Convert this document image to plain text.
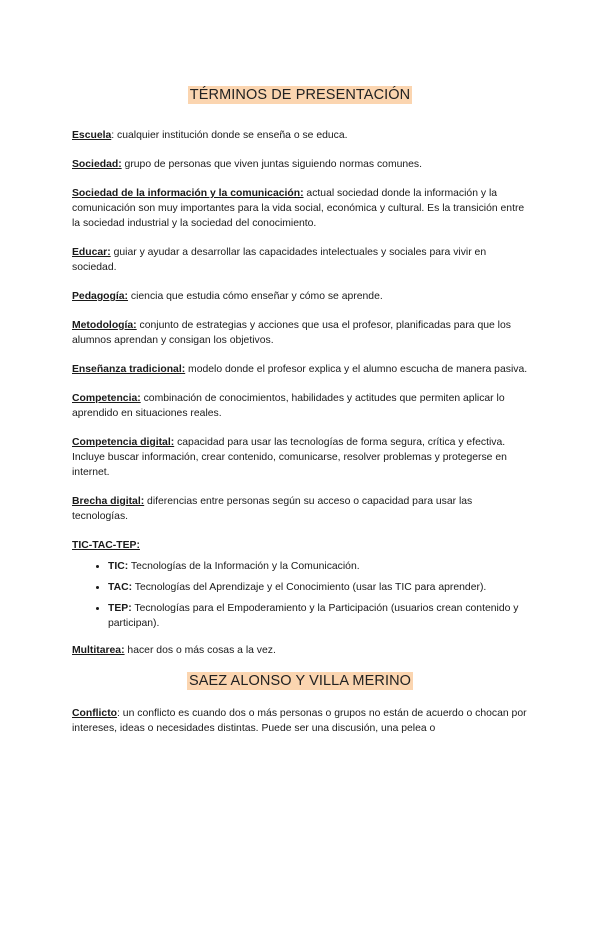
TÉRMINOS DE PRESENTACIÓN

Escuela: cualquier institución donde se enseña o se educa.

Sociedad: grupo de personas que viven juntas siguiendo normas comunes.

Sociedad de la información y la comunicación: actual sociedad donde la información y la comunicación son muy importantes para la vida social, económica y cultural. Es la transición entre la sociedad industrial y la sociedad del conocimiento.

Educar: guiar y ayudar a desarrollar las capacidades intelectuales y sociales para vivir en sociedad.

Pedagogía: ciencia que estudia cómo enseñar y cómo se aprende.

Metodología: conjunto de estrategias y acciones que usa el profesor, planificadas para que los alumnos aprendan y consigan los objetivos.

Enseñanza tradicional: modelo donde el profesor explica y el alumno escucha de manera pasiva.

Competencia: combinación de conocimientos, habilidades y actitudes que permiten aplicar lo aprendido en situaciones reales.

Competencia digital: capacidad para usar las tecnologías de forma segura, crítica y efectiva. Incluye buscar información, crear contenido, comunicarse, resolver problemas y protegerse en internet.

Brecha digital: diferencias entre personas según su acceso o capacidad para usar las tecnologías.

TIC-TAC-TEP:

• TIC: Tecnologías de la Información y la Comunicación.
• TAC: Tecnologías del Aprendizaje y el Conocimiento (usar las TIC para aprender).
• TEP: Tecnologías para el Empoderamiento y la Participación (usuarios crean contenido y participan).

Multitarea: hacer dos o más cosas a la vez.

SAEZ ALONSO Y VILLA MERINO

Conflicto: un conflicto es cuando dos o más personas o grupos no están de acuerdo o chocan por intereses, ideas o necesidades distintas. Puede ser una discusión, una pelea o
